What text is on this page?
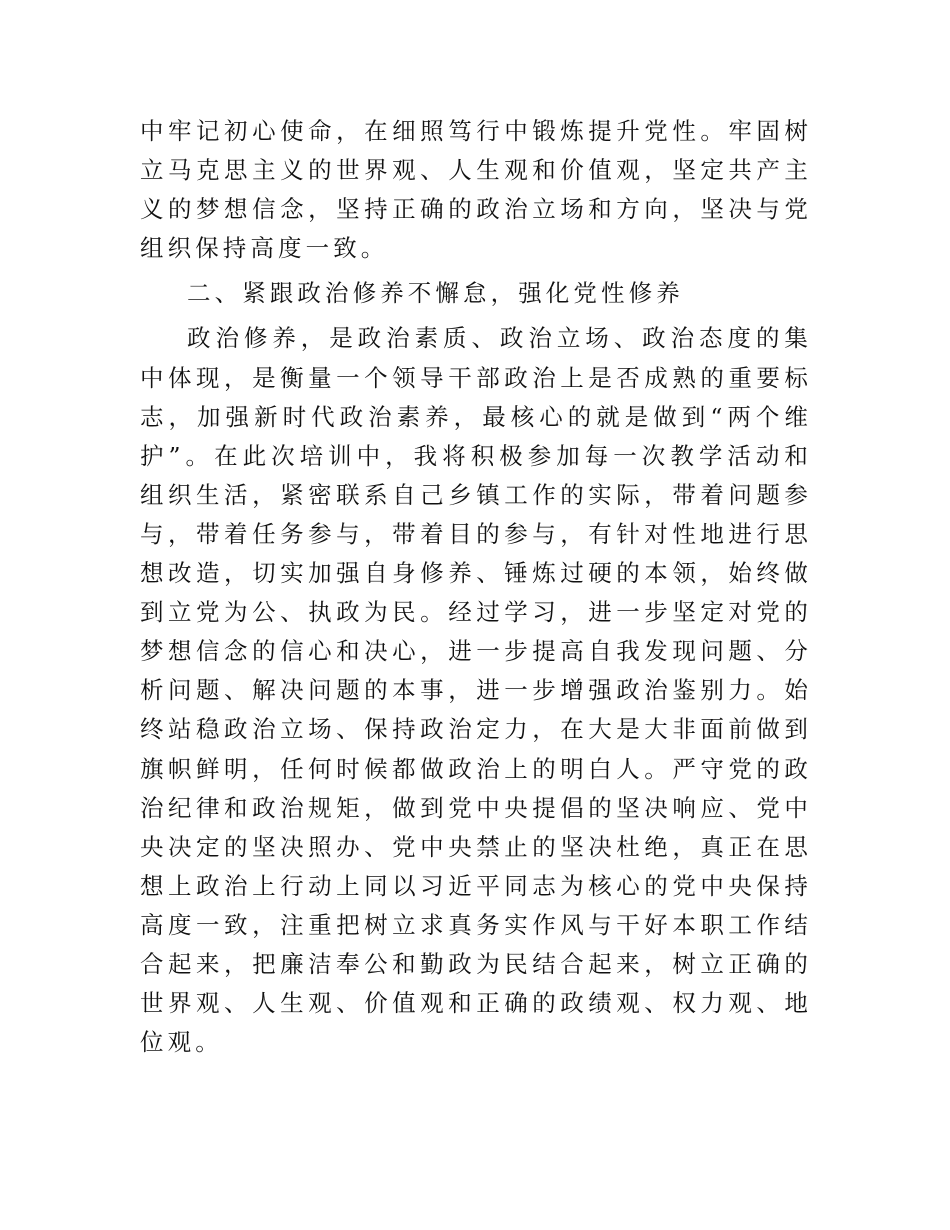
中牢记初心使命，在细照笃行中锻炼提升党性。牢固树立马克思主义的世界观、人生观和价值观，坚定共产主义的梦想信念，坚持正确的政治立场和方向，坚决与党组织保持高度一致。

二、紧跟政治修养不懈怠，强化党性修养

政治修养，是政治素质、政治立场、政治态度的集中体现，是衡量一个领导干部政治上是否成熟的重要标志，加强新时代政治素养，最核心的就是做到“两个维护”。在此次培训中，我将积极参加每一次教学活动和组织生活，紧密联系自己乡镇工作的实际，带着问题参与，带着任务参与，带着目的参与，有针对性地进行思想改造，切实加强自身修养、锤炼过硬的本领，始终做到立党为公、执政为民。经过学习，进一步坚定对党的梦想信念的信心和决心，进一步提高自我发现问题、分析问题、解决问题的本事，进一步增强政治鉴别力。始终站稳政治立场、保持政治定力，在大是大非面前做到旗帜鲜明，任何时候都做政治上的明白人。严守党的政治纪律和政治规矩，做到党中央提倡的坚决响应、党中央决定的坚决照办、党中央禁止的坚决杜绝，真正在思想上政治上行动上同以习近平同志为核心的党中央保持高度一致，注重把树立求真务实作风与干好本职工作结合起来，把廉洁奉公和勤政为民结合起来，树立正确的世界观、人生观、价值观和正确的政绩观、权力观、地位观。
